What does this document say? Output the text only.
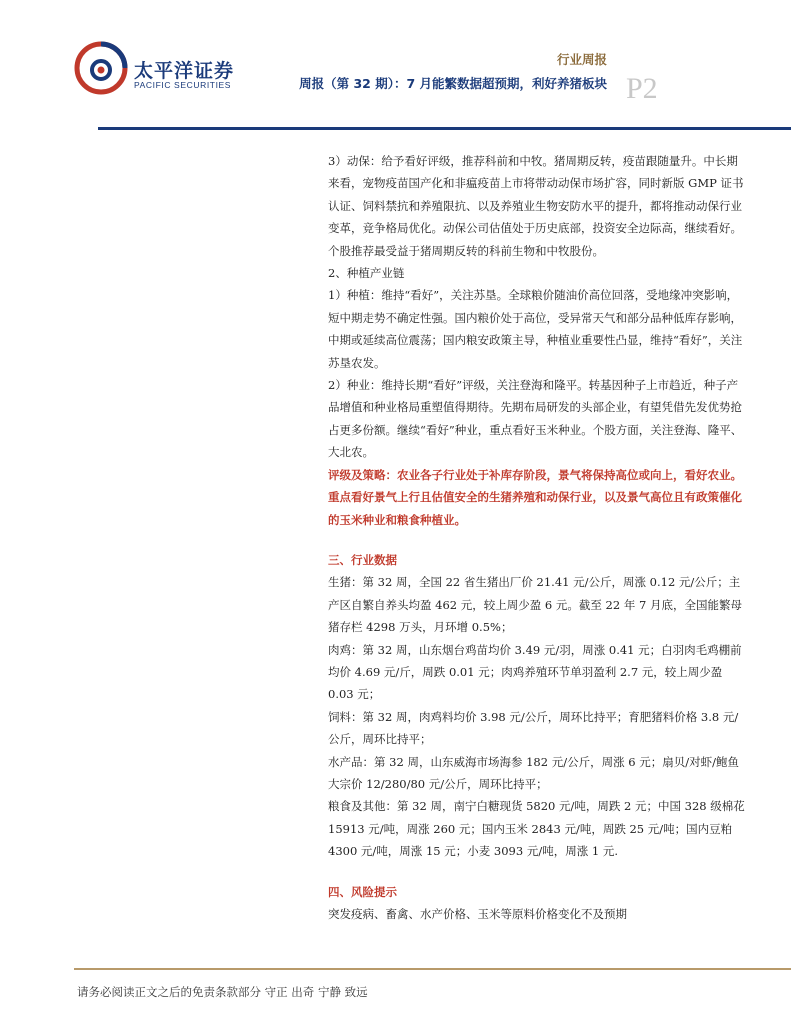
太平洋证券
PACIFIC SECURITIES
行业周报
周报（第 32 期）：7 月能繁数据超预期，利好养猪板块 P2

3）动保：给予看好评级，推荐科前和中牧。猪周期反转，疫苗跟随量升。中长期来看，宠物疫苗国产化和非瘟疫苗上市将带动动保市场扩容，同时新版 GMP 证书认证、饲料禁抗和养殖限抗、以及养殖业生物安防水平的提升，都将推动动保行业变革，竞争格局优化。动保公司估值处于历史底部，投资安全边际高，继续看好。个股推荐最受益于猪周期反转的科前生物和中牧股份。

2、种植产业链

1）种植：维持“看好”，关注苏垦。全球粮价随油价高位回落，受地缘冲突影响，短中期走势不确定性强。国内粮价处于高位，受异常天气和部分品种低库存影响，中期或延续高位震荡；国内粮安政策主导，种植业重要性凸显，维持“看好”，关注苏垦农发。

2）种业：维持长期“看好”评级，关注登海和隆平。转基因种子上市趋近，种子产品增值和种业格局重塑值得期待。先期布局研发的头部企业，有望凭借先发优势抢占更多份额。继续“看好”种业，重点看好玉米种业。个股方面，关注登海、隆平、大北农。

评级及策略：农业各子行业处于补库存阶段，景气将保持高位或向上，看好农业。重点看好景气上行且估值安全的生猪养殖和动保行业，以及景气高位且有政策催化的玉米种业和粮食种植业。

三、行业数据

生猪：第 32 周，全国 22 省生猪出厂价 21.41 元/公斤，周涨 0.12 元/公斤；主产区自繁自养头均盈 462 元，较上周少盈 6 元。截至 22 年 7 月底，全国能繁母猪存栏 4298 万头，月环增 0.5%；

肉鸡：第 32 周，山东烟台鸡苗均价 3.49 元/羽，周涨 0.41 元；白羽肉毛鸡棚前均价 4.69 元/斤，周跌 0.01 元；肉鸡养殖环节单羽盈利 2.7 元，较上周少盈 0.03 元；

饲料：第 32 周，肉鸡料均价 3.98 元/公斤，周环比持平；育肥猪料价格 3.8 元/公斤，周环比持平；

水产品：第 32 周，山东威海市场海参 182 元/公斤，周涨 6 元；扇贝/对虾/鲍鱼大宗价 12/280/80 元/公斤，周环比持平；

粮食及其他：第 32 周，南宁白糖现货 5820 元/吨，周跌 2 元；中国 328 级棉花 15913 元/吨，周涨 260 元；国内玉米 2843 元/吨，周跌 25 元/吨；国内豆粕 4300 元/吨，周涨 15 元；小麦 3093 元/吨，周涨 1 元.

四、风险提示

突发疫病、畜禽、水产价格、玉米等原料价格变化不及预期

请务必阅读正文之后的免责条款部分 守正 出奇 宁静 致远
